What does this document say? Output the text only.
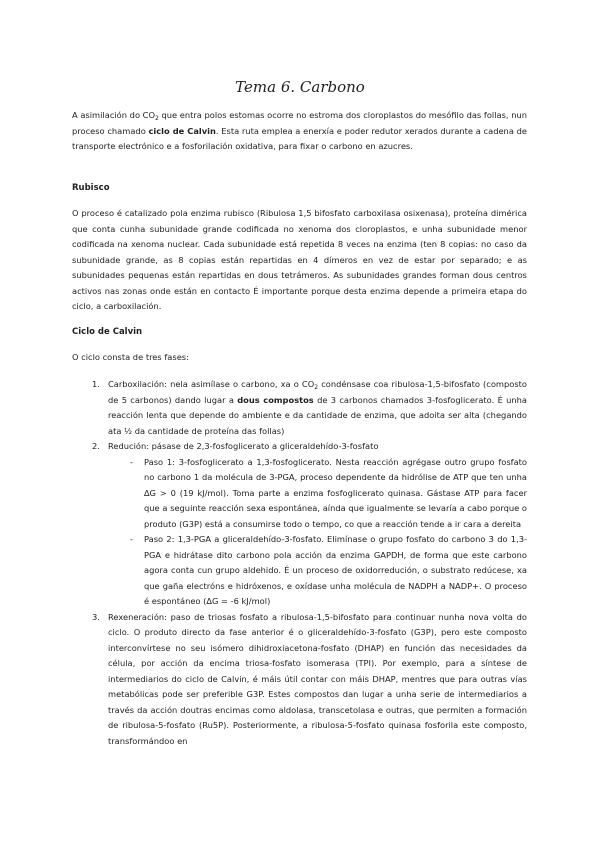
Tema 6. Carbono
A asimilación do $CO_2$ que entra polos estomas ocorre no estroma dos cloroplastos do mesófilo das follas, nun proceso chamado ciclo de Calvin. Esta ruta emplea a enerxía e poder redutor xerados durante a cadena de transporte electrónico e a fosforilación oxidativa, para fixar o carbono en azucres.
Rubisco
O proceso é catalizado pola enzima rubisco (Ribulosa 1,5 bifosfato carboxilasa osixenasa), proteína dimérica que conta cunha subunidade grande codificada no xenoma dos cloroplastos, e unha subunidade menor codificada na xenoma nuclear. Cada subunidade está repetida 8 veces na enzima (ten 8 copias: no caso da subunidade grande, as 8 copias están repartidas en 4 dímeros en vez de estar por separado; e as subunidades pequenas están repartidas en dous tetrámeros. As subunidades grandes forman dous centros activos nas zonas onde están en contacto É importante porque desta enzima depende a primeira etapa do ciclo, a carboxilación.
Ciclo de Calvin
O ciclo consta de tres fases:
1. Carboxilación: nela asimílase o carbono, xa o $CO_2$ condénsase coa ribulosa-1,5-bifosfato (composto de 5 carbonos) dando lugar a dous compostos de 3 carbonos chamados 3-fosfoglicerato. É unha reacción lenta que depende do ambiente e da cantidade de enzima, que adoita ser alta (chegando ata ½ da cantidade de proteína das follas)
2. Redución: pásase de 2,3-fosfoglicerato a gliceraldehído-3-fosfato
- Paso 1: 3-fosfoglicerato a 1,3-fosfoglicerato. Nesta reacción agrégase outro grupo fosfato no carbono 1 da molécula de 3-PGA, proceso dependente da hidrólise de ATP que ten unha ∆G > 0 (19 kJ/mol). Toma parte a enzima fosfoglicerato quinasa. Gástase ATP para facer que a seguinte reacción sexa espontánea, aínda que igualmente se levaría a cabo porque o produto (G3P) está a consumirse todo o tempo, co que a reacción tende a ir cara a dereita
- Paso 2: 1,3-PGA a gliceraldehído-3-fosfato. Elimínase o grupo fosfato do carbono 3 do 1,3-PGA e hidrátase dito carbono pola acción da enzima GAPDH, de forma que este carbono agora conta cun grupo aldehido. É un proceso de oxidorredución, o substrato redúcese, xa que gaña electróns e hidróxenos, e oxídase unha molécula de NADPH a NADP+. O proceso é espontáneo (∆G = -6 kJ/mol)
3. Rexeneración: paso de triosas fosfato a ribulosa-1,5-bifosfato para continuar nunha nova volta do ciclo. O produto directo da fase anterior é o gliceraldehído-3-fosfato (G3P), pero este composto interconvírtese no seu isómero dihidroxiacetona-fosfato (DHAP) en función das necesidades da célula, por acción da encima triosa-fosfato isomerasa (TPI). Por exemplo, para a síntese de intermediarios do ciclo de Calvin, é máis útil contar con máis DHAP, mentres que para outras vías metabólicas pode ser preferible G3P. Estes compostos dan lugar a unha serie de intermediarios a través da acción doutras encimas como aldolasa, transcetolasa e outras, que permiten a formación de ribulosa-5-fosfato (Ru5P). Posteriormente, a ribulosa-5-fosfato quinasa fosforila este composto, transformándoo en
